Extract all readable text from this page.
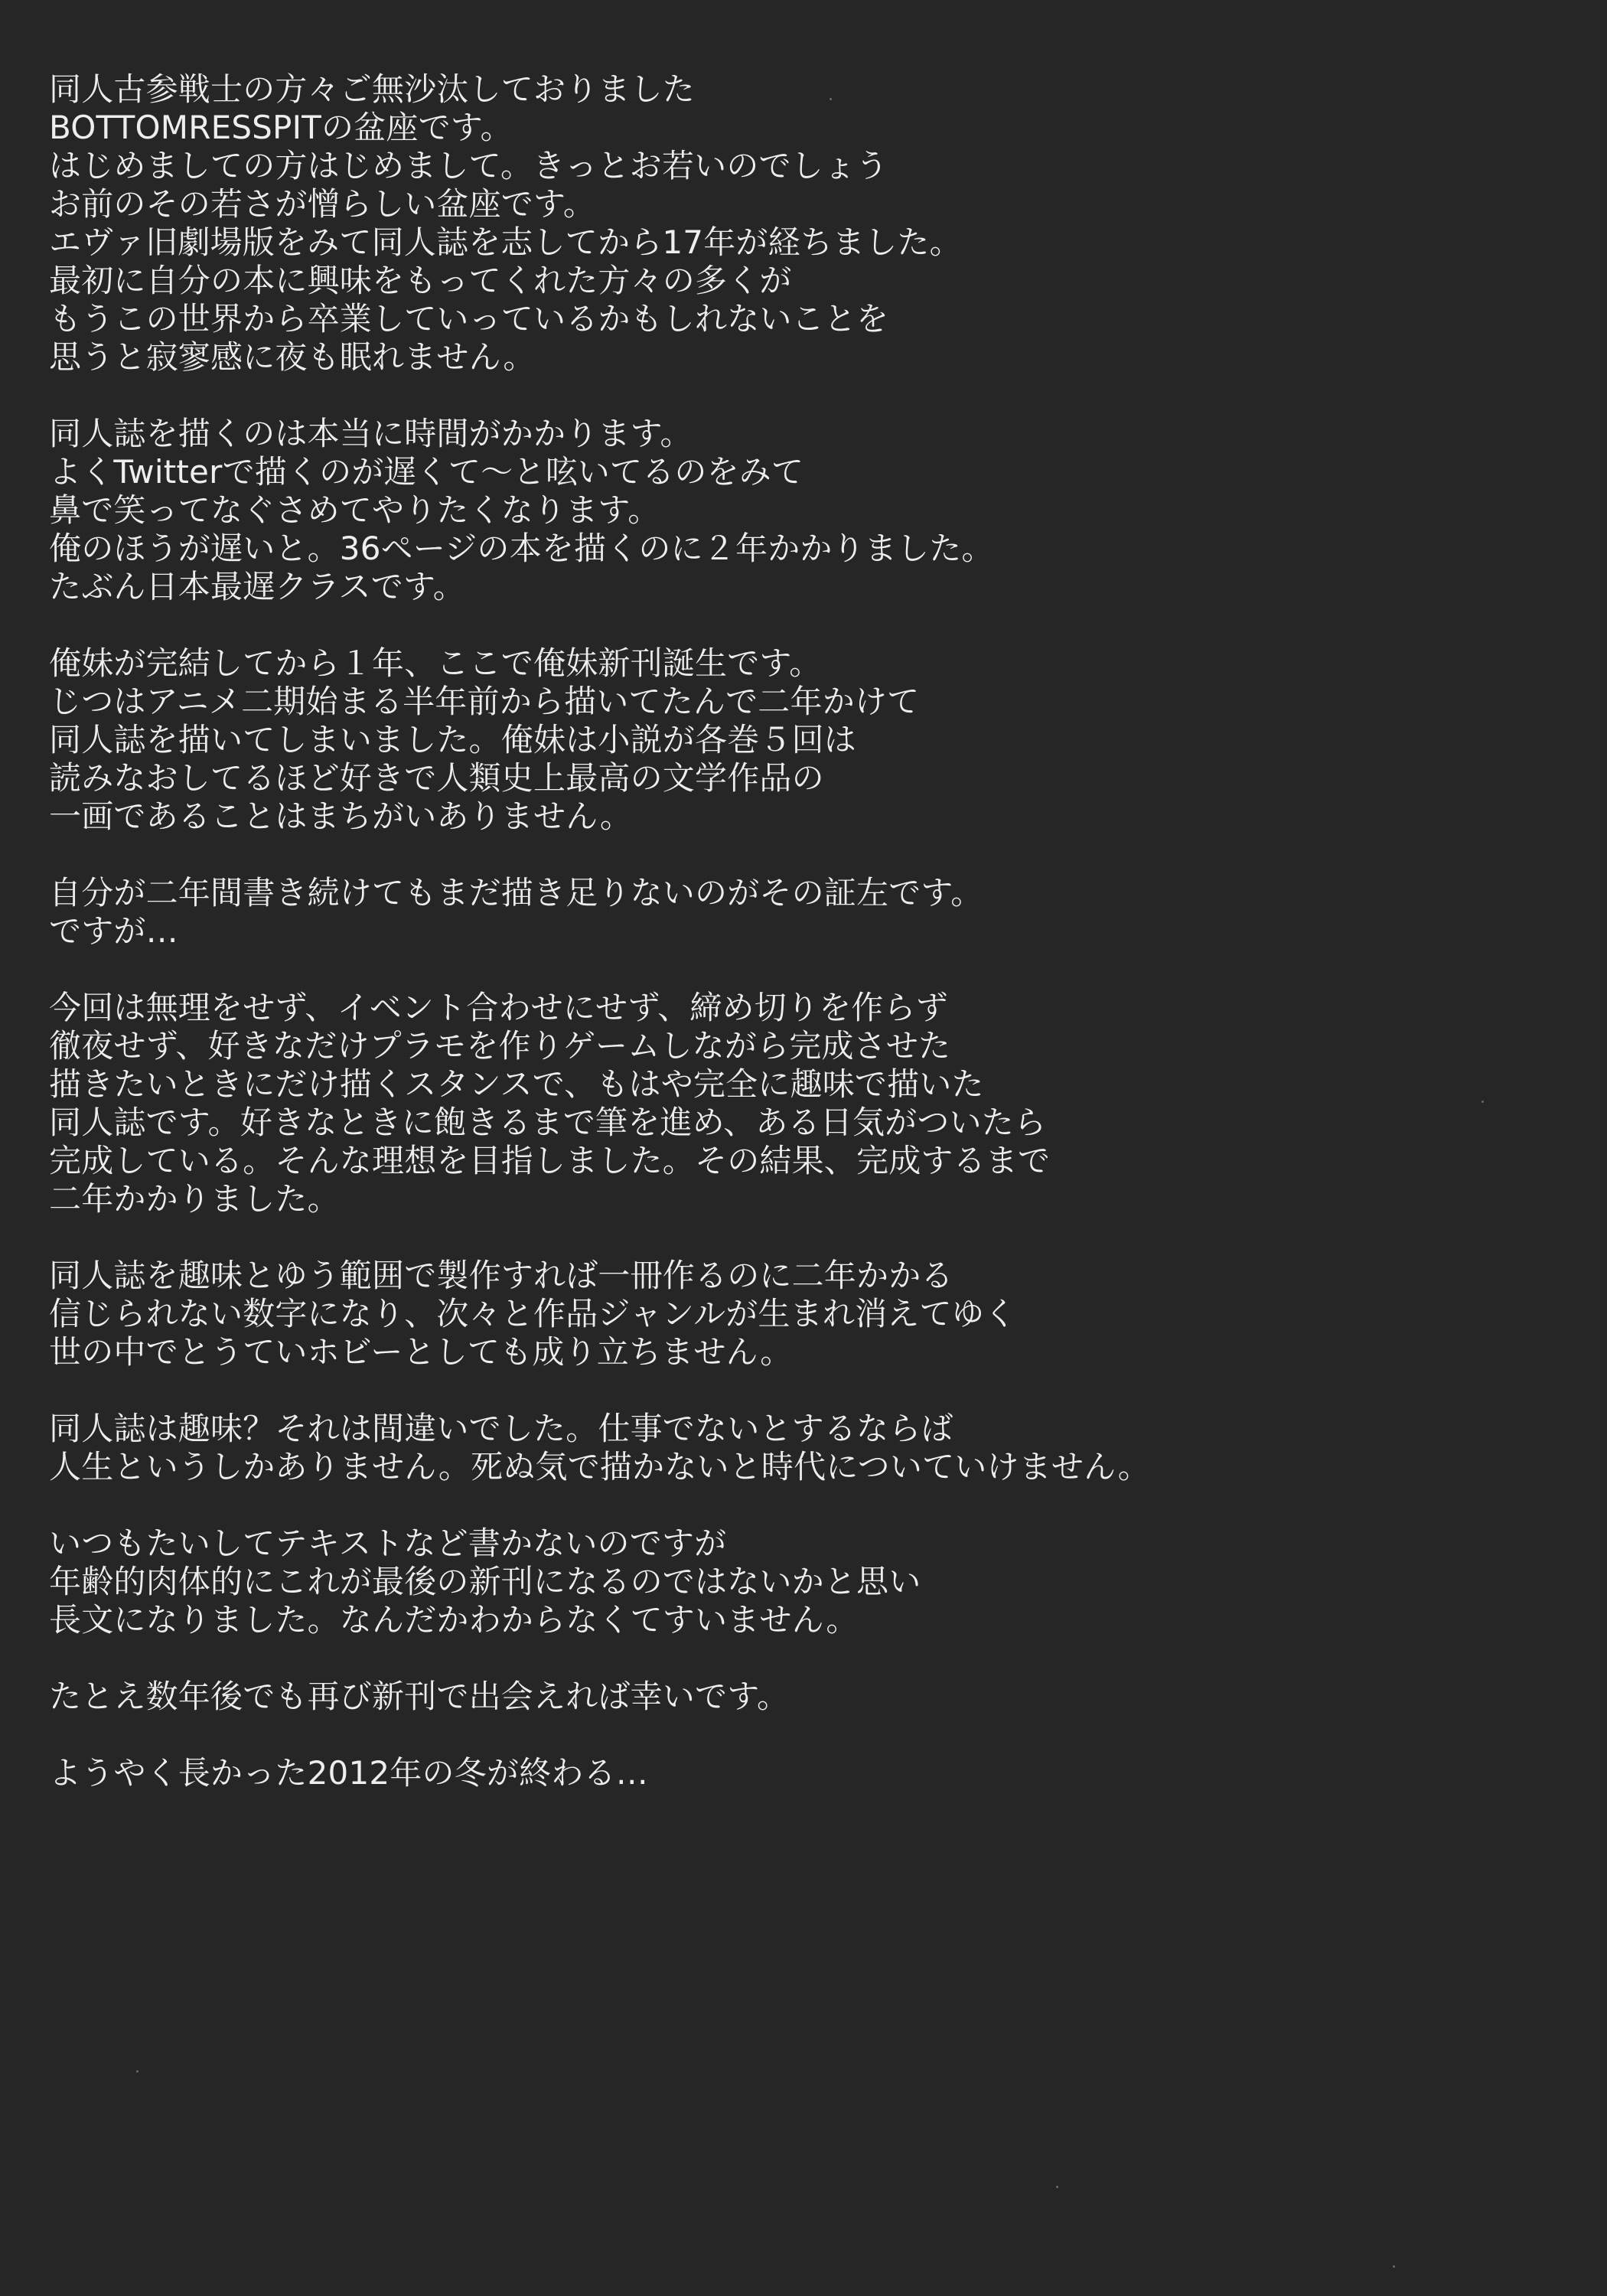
同人古参戦士の方々ご無沙汰しておりました
BOTTOMRESSPITの盆座です。
はじめましての方はじめまして。きっとお若いのでしょう
お前のその若さが憎らしい盆座です。
エヴァ旧劇場版をみて同人誌を志してから17年が経ちました。
最初に自分の本に興味をもってくれた方々の多くが
もうこの世界から卒業していっているかもしれないことを
思うと寂寥感に夜も眠れません。
同人誌を描くのは本当に時間がかかります。
よくTwitterで描くのが遅くて〜と呟いてるのをみて
鼻で笑ってなぐさめてやりたくなります。
俺のほうが遅いと。36ページの本を描くのに２年かかりました。
たぶん日本最遅クラスです。
俺妹が完結してから１年、ここで俺妹新刊誕生です。
じつはアニメ二期始まる半年前から描いてたんで二年かけて
同人誌を描いてしまいました。俺妹は小説が各巻５回は
読みなおしてるほど好きで人類史上最高の文学作品の
一画であることはまちがいありません。
自分が二年間書き続けてもまだ描き足りないのがその証左です。
ですが…
今回は無理をせず、イベント合わせにせず、締め切りを作らず
徹夜せず、好きなだけプラモを作りゲームしながら完成させた
描きたいときにだけ描くスタンスで、もはや完全に趣味で描いた
同人誌です。好きなときに飽きるまで筆を進め、ある日気がついたら
完成している。そんな理想を目指しました。その結果、完成するまで
二年かかりました。
同人誌を趣味とゆう範囲で製作すれば一冊作るのに二年かかる
信じられない数字になり、次々と作品ジャンルが生まれ消えてゆく
世の中でとうていホビーとしても成り立ちません。
同人誌は趣味？それは間違いでした。仕事でないとするならば
人生というしかありません。死ぬ気で描かないと時代についていけません。
いつもたいしてテキストなど書かないのですが
年齢的肉体的にこれが最後の新刊になるのではないかと思い
長文になりました。なんだかわからなくてすいません。
たとえ数年後でも再び新刊で出会えれば幸いです。
ようやく長かった2012年の冬が終わる…
